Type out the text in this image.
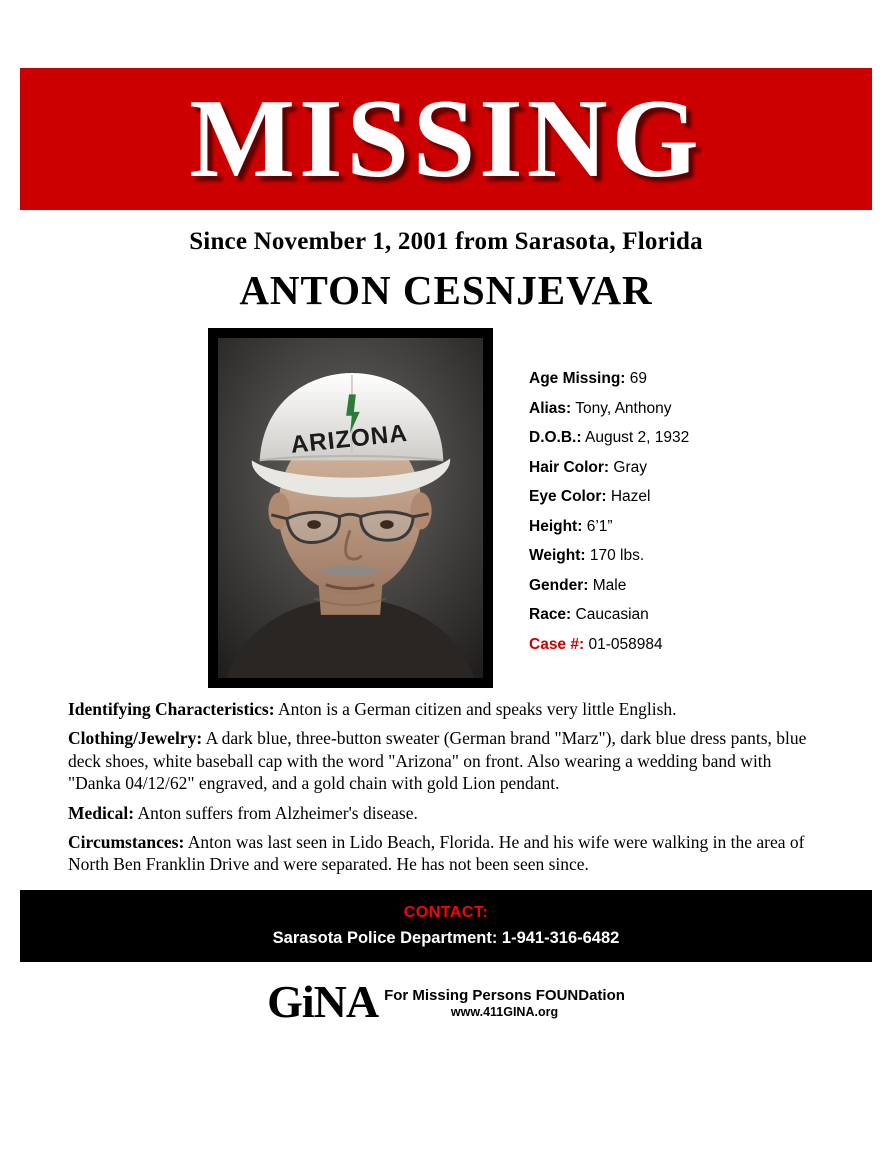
MISSING
Since November 1, 2001 from Sarasota, Florida
ANTON CESNJEVAR
ARIZONA
Age Missing: 69
Alias: Tony, Anthony
D.O.B.: August 2, 1932
Hair Color: Gray
Eye Color: Hazel
Height: 6’1”
Weight: 170 lbs.
Gender: Male
Race: Caucasian
Case #: 01-058984

Identifying Characteristics: Anton is a German citizen and speaks very little English.

Clothing/Jewelry: A dark blue, three-button sweater (German brand "Marz"), dark blue dress pants, blue deck shoes, white baseball cap with the word "Arizona" on front. Also wearing a wedding band with "Danka 04/12/62" engraved, and a gold chain with gold Lion pendant.

Medical: Anton suffers from Alzheimer's disease.

Circumstances: Anton was last seen in Lido Beach, Florida. He and his wife were walking in the area of North Ben Franklin Drive and were separated. He has not been seen since.

CONTACT:
Sarasota Police Department: 1-941-316-6482
GiNA For Missing Persons FOUNDation
www.411GINA.org
